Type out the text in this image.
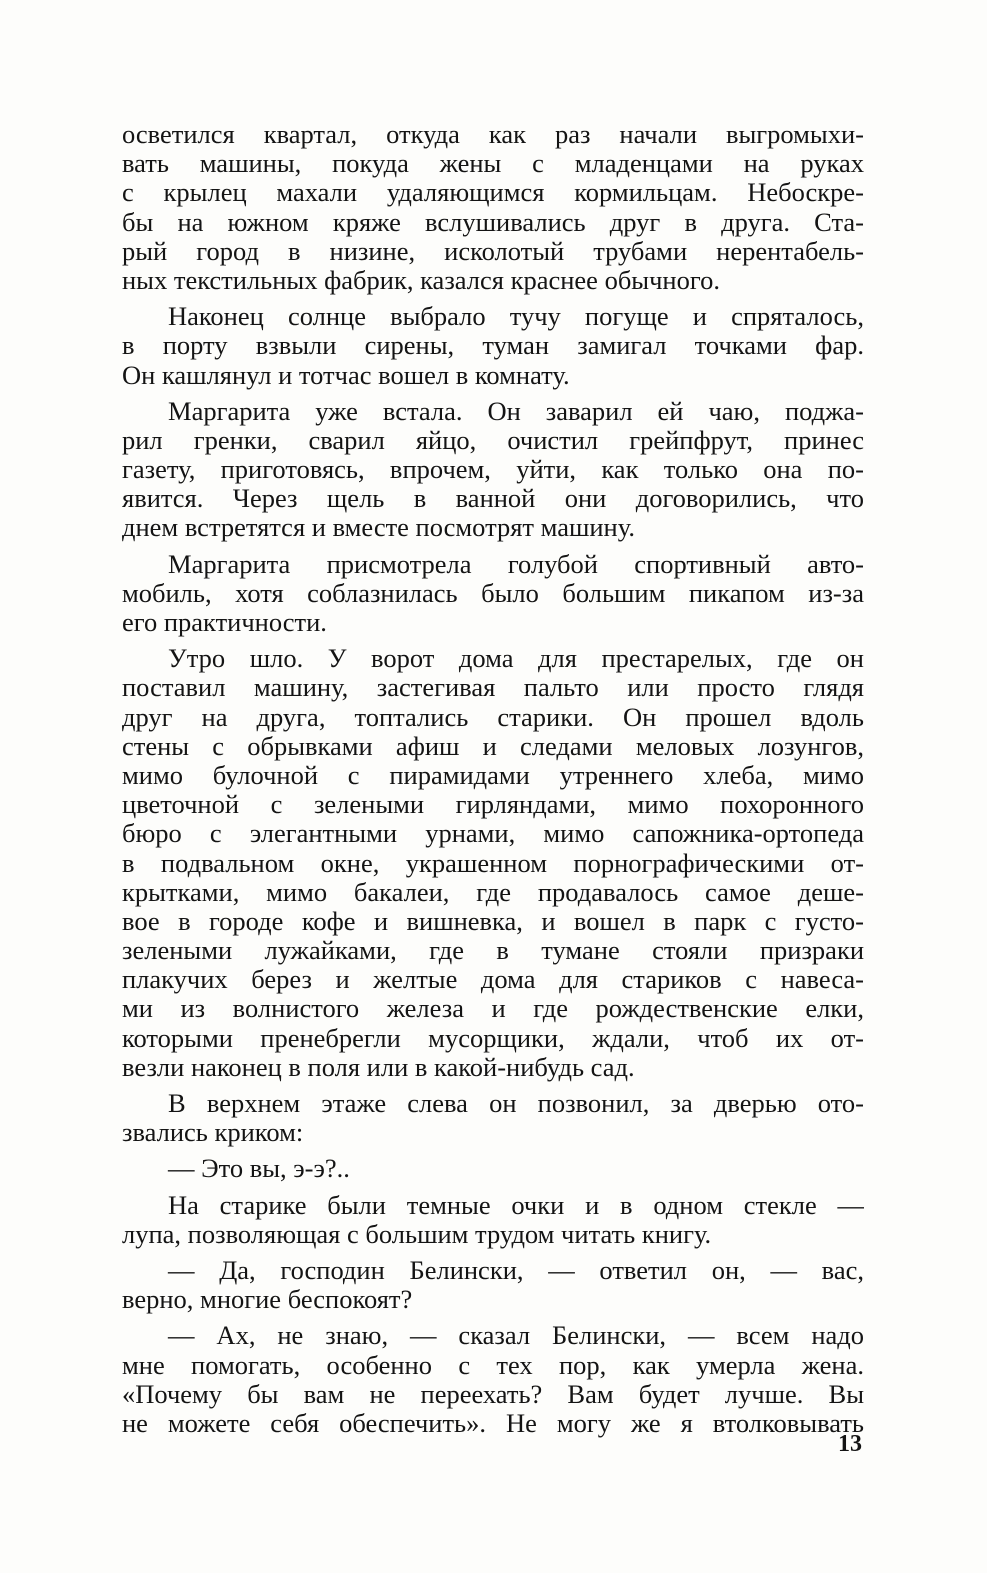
осветился квартал, откуда как раз начали выгромыхи-
вать машины, покуда жены с младенцами на руках
с крылец махали удаляющимся кормильцам. Небоскре-
бы на южном кряже вслушивались друг в друга. Ста-
рый город в низине, исколотый трубами нерентабель-
ных текстильных фабрик, казался краснее обычного.
Наконец солнце выбрало тучу погуще и спряталось,
в порту взвыли сирены, туман замигал точками фар.
Он кашлянул и тотчас вошел в комнату.
Маргарита уже встала. Он заварил ей чаю, поджа-
рил гренки, сварил яйцо, очистил грейпфрут, принес
газету, приготовясь, впрочем, уйти, как только она по-
явится. Через щель в ванной они договорились, что
днем встретятся и вместе посмотрят машину.
Маргарита присмотрела голубой спортивный авто-
мобиль, хотя соблазнилась было большим пикапом из-за
его практичности.
Утро шло. У ворот дома для престарелых, где он
поставил машину, застегивая пальто или просто глядя
друг на друга, топтались старики. Он прошел вдоль
стены с обрывками афиш и следами меловых лозунгов,
мимо булочной с пирамидами утреннего хлеба, мимо
цветочной с зелеными гирляндами, мимо похоронного
бюро с элегантными урнами, мимо сапожника-ортопеда
в подвальном окне, украшенном порнографическими от-
крытками, мимо бакалеи, где продавалось самое деше-
вое в городе кофе и вишневка, и вошел в парк с густо-
зелеными лужайками, где в тумане стояли призраки
плакучих берез и желтые дома для стариков с навеса-
ми из волнистого железа и где рождественские елки,
которыми пренебрегли мусорщики, ждали, чтоб их от-
везли наконец в поля или в какой-нибудь сад.
В верхнем этаже слева он позвонил, за дверью ото-
звались криком:
— Это вы, э-э?..
На старике были темные очки и в одном стекле —
лупа, позволяющая с большим трудом читать книгу.
— Да, господин Белински, — ответил он, — вас,
верно, многие беспокоят?
— Ах, не знаю, — сказал Белински, — всем надо
мне помогать, особенно с тех пор, как умерла жена.
«Почему бы вам не переехать? Вам будет лучше. Вы
не можете себя обеспечить». Не могу же я втолковывать
13
